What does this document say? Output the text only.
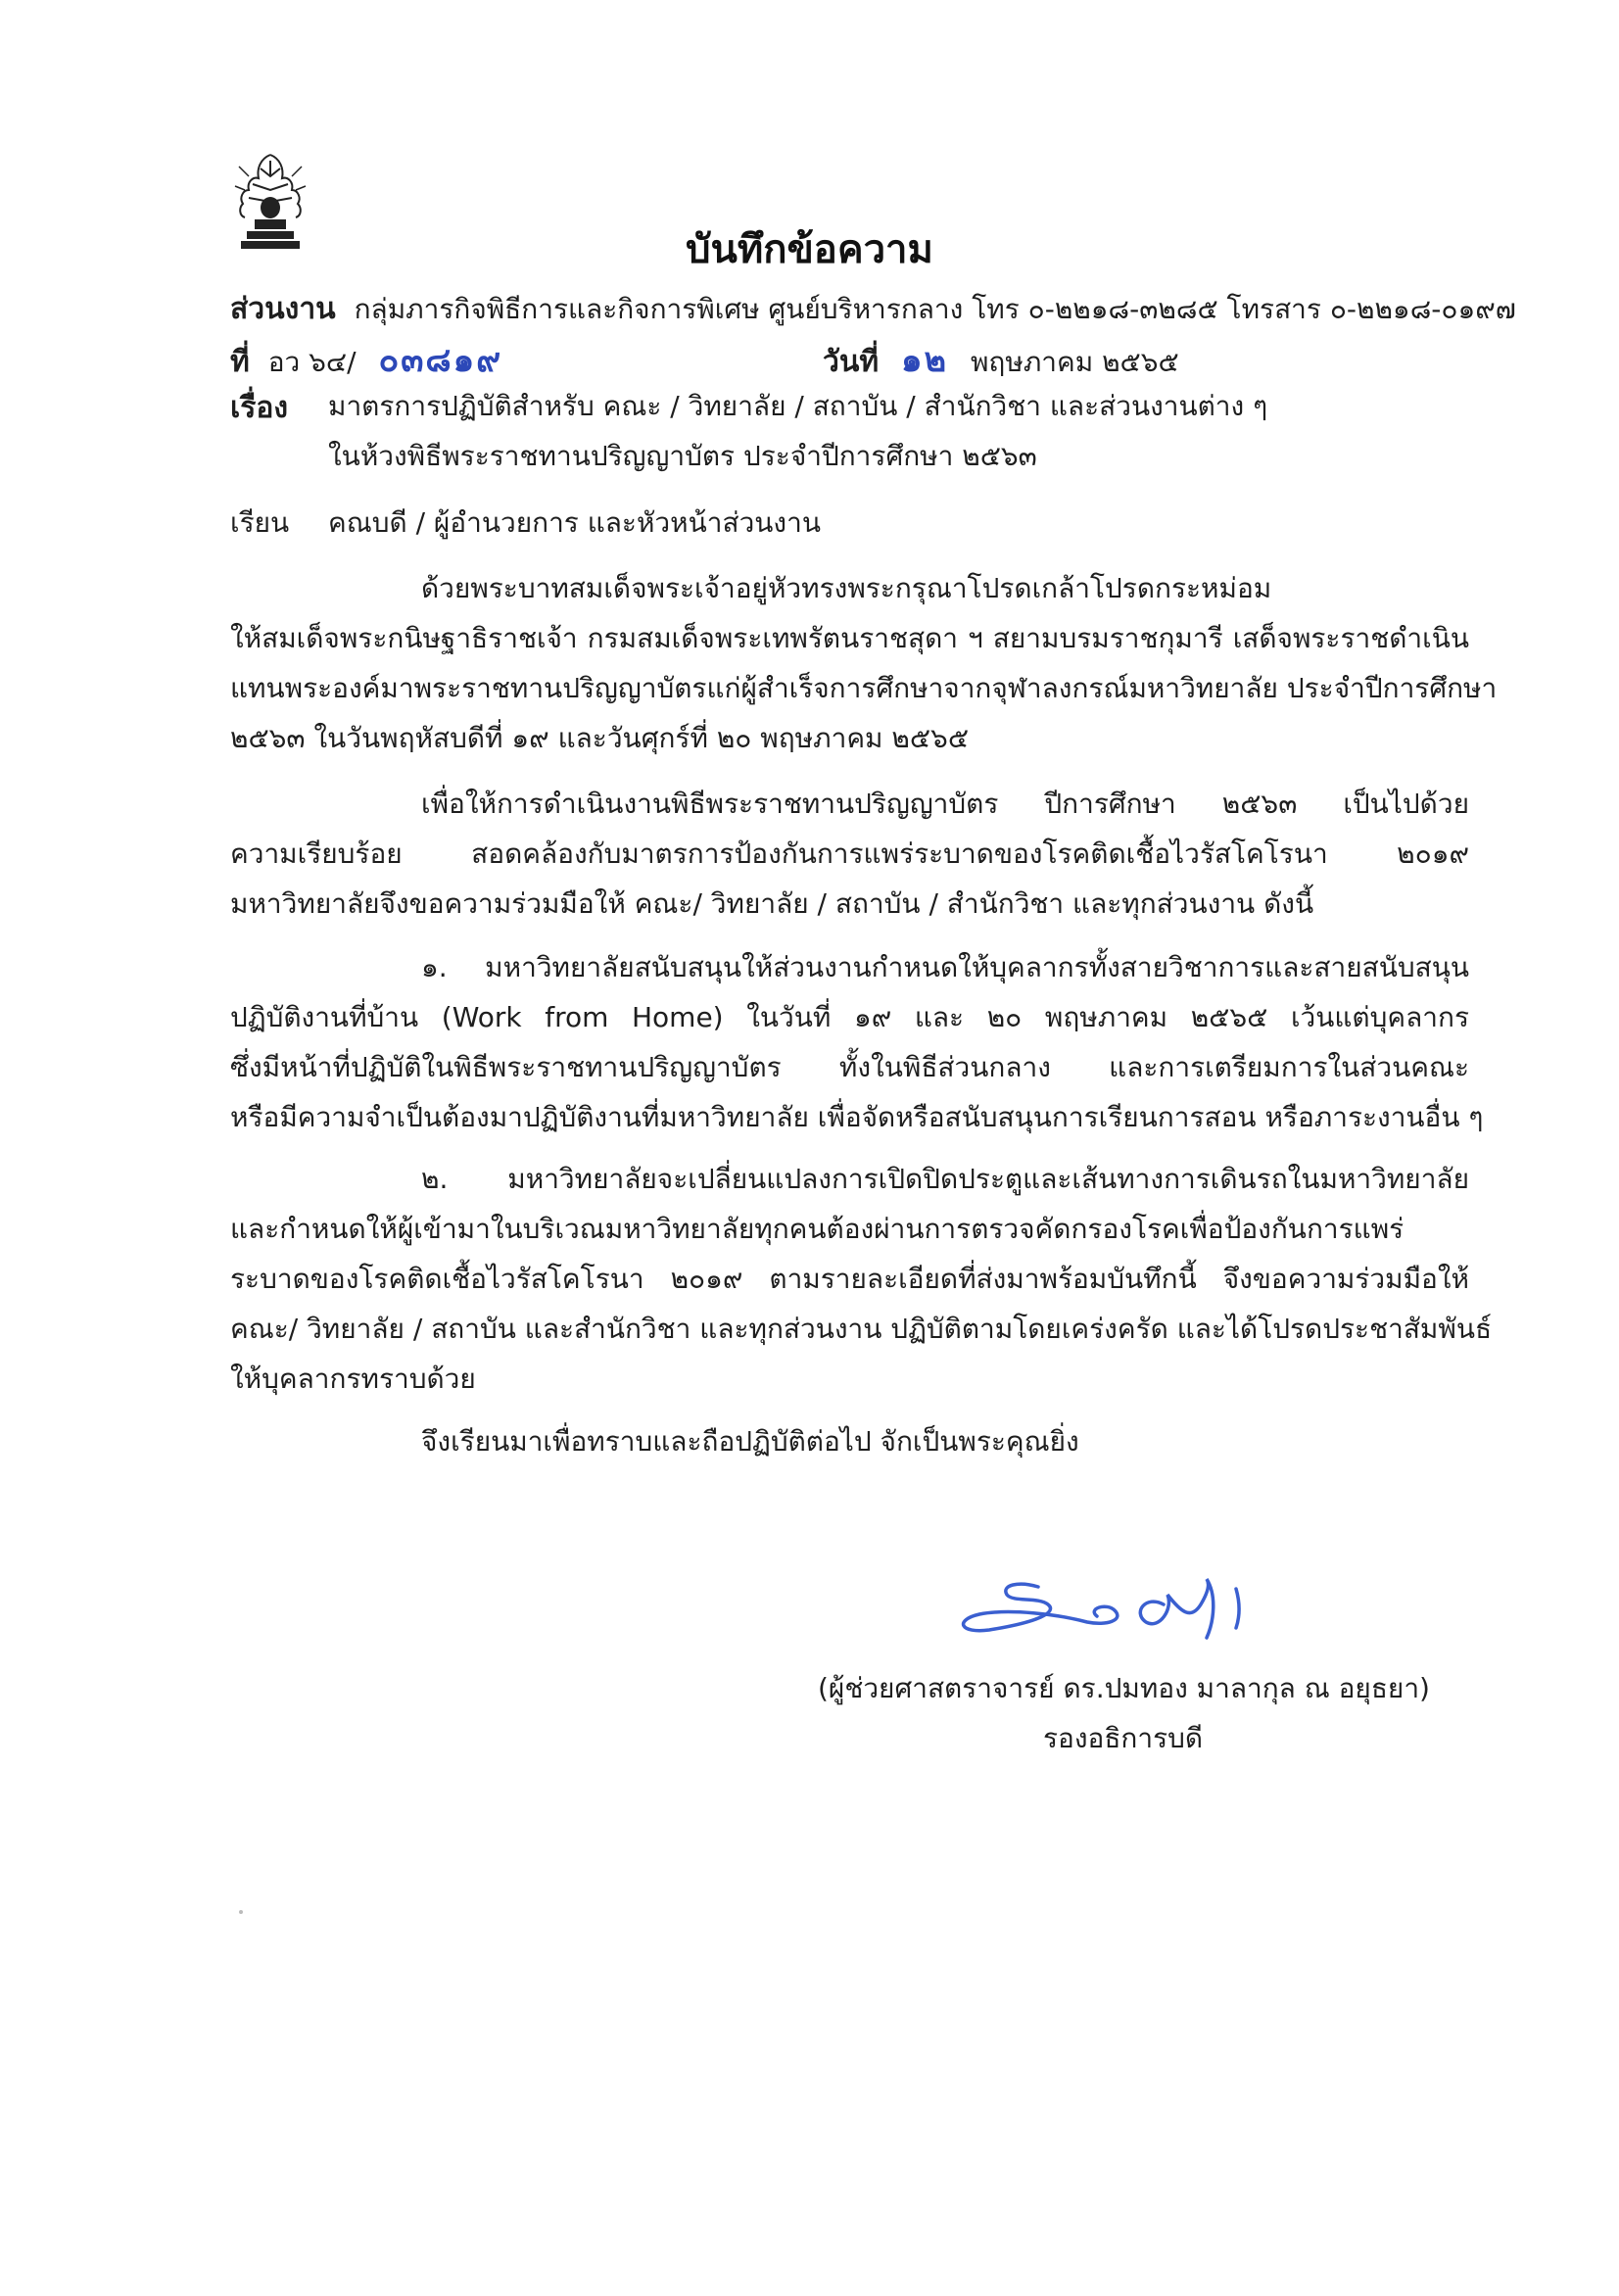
บันทึกข้อความ
ส่วนงาน กลุ่มภารกิจพิธีการและกิจการพิเศษ ศูนย์บริหารกลาง โทร ๐-๒๒๑๘-๓๒๘๕ โทรสาร ๐-๒๒๑๘-๐๑๙๗
ที่ อว ๖๔/ ๐๓๘๑๙	วันที่ ๑๒ พฤษภาคม ๒๕๖๕
เรื่อง มาตรการปฏิบัติสำหรับ คณะ / วิทยาลัย / สถาบัน / สำนักวิชา และส่วนงานต่าง ๆ
ในห้วงพิธีพระราชทานปริญญาบัตร ประจำปีการศึกษา ๒๕๖๓
เรียน คณบดี / ผู้อำนวยการ และหัวหน้าส่วนงาน
ด้วยพระบาทสมเด็จพระเจ้าอยู่หัวทรงพระกรุณาโปรดเกล้าโปรดกระหม่อม
ให้สมเด็จพระกนิษฐาธิราชเจ้า กรมสมเด็จพระเทพรัตนราชสุดา ฯ สยามบรมราชกุมารี เสด็จพระราชดำเนิน
แทนพระองค์มาพระราชทานปริญญาบัตรแก่ผู้สำเร็จการศึกษาจากจุฬาลงกรณ์มหาวิทยาลัย ประจำปีการศึกษา
๒๕๖๓ ในวันพฤหัสบดีที่ ๑๙ และวันศุกร์ที่ ๒๐ พฤษภาคม ๒๕๖๕
เพื่อให้การดำเนินงานพิธีพระราชทานปริญญาบัตร ปีการศึกษา ๒๕๖๓ เป็นไปด้วย
ความเรียบร้อย สอดคล้องกับมาตรการป้องกันการแพร่ระบาดของโรคติดเชื้อไวรัสโคโรนา ๒๐๑๙
มหาวิทยาลัยจึงขอความร่วมมือให้ คณะ/ วิทยาลัย / สถาบัน / สำนักวิชา และทุกส่วนงาน ดังนี้
๑. มหาวิทยาลัยสนับสนุนให้ส่วนงานกำหนดให้บุคลากรทั้งสายวิชาการและสายสนับสนุน
ปฏิบัติงานที่บ้าน (Work from Home) ในวันที่ ๑๙ และ ๒๐ พฤษภาคม ๒๕๖๕ เว้นแต่บุคลากร
ซึ่งมีหน้าที่ปฏิบัติในพิธีพระราชทานปริญญาบัตร ทั้งในพิธีส่วนกลาง และการเตรียมการในส่วนคณะ
หรือมีความจำเป็นต้องมาปฏิบัติงานที่มหาวิทยาลัย เพื่อจัดหรือสนับสนุนการเรียนการสอน หรือภาระงานอื่น ๆ
๒. มหาวิทยาลัยจะเปลี่ยนแปลงการเปิดปิดประตูและเส้นทางการเดินรถในมหาวิทยาลัย
และกำหนดให้ผู้เข้ามาในบริเวณมหาวิทยาลัยทุกคนต้องผ่านการตรวจคัดกรองโรคเพื่อป้องกันการแพร่
ระบาดของโรคติดเชื้อไวรัสโคโรนา ๒๐๑๙ ตามรายละเอียดที่ส่งมาพร้อมบันทึกนี้ จึงขอความร่วมมือให้
คณะ/ วิทยาลัย / สถาบัน และสำนักวิชา และทุกส่วนงาน ปฏิบัติตามโดยเคร่งครัด และได้โปรดประชาสัมพันธ์
ให้บุคลากรทราบด้วย
จึงเรียนมาเพื่อทราบและถือปฏิบัติต่อไป จักเป็นพระคุณยิ่ง
(ผู้ช่วยศาสตราจารย์ ดร.ปมทอง มาลากุล ณ อยุธยา)
รองอธิการบดี
